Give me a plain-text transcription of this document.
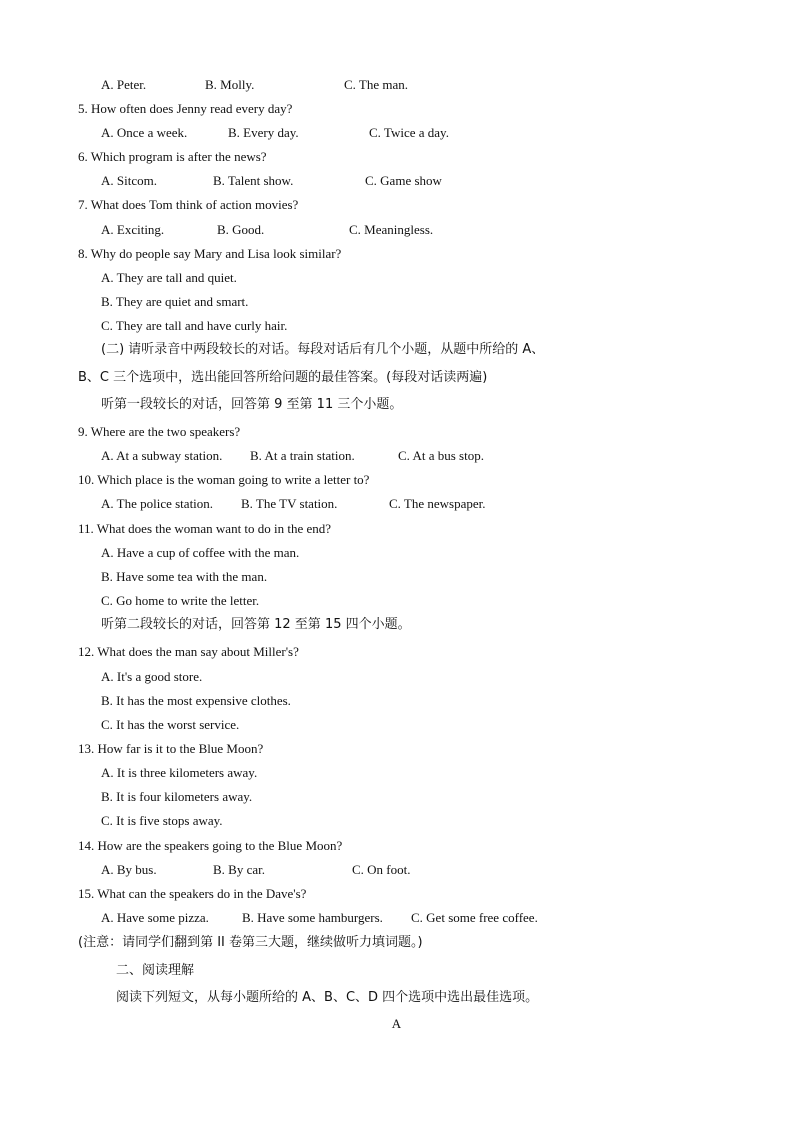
A. Peter.	B. Molly.	C. The man.
5. How often does Jenny read every day?
A. Once a week.	B. Every day.	C. Twice a day.
6. Which program is after the news?
A. Sitcom.	B. Talent show.	C. Game show
7. What does Tom think of action movies?
A. Exciting.	B. Good.	C. Meaningless.
8. Why do people say Mary and Lisa look similar?
A. They are tall and quiet.
B. They are quiet and smart.
C. They are tall and have curly hair.
(二) 请听录音中两段较长的对话。每段对话后有几个小题，从题中所给的 A、
B、C 三个选项中，选出能回答所给问题的最佳答案。(每段对话读两遍)
听第一段较长的对话，回答第 9 至第 11 三个小题。
9. Where are the two speakers?
A. At a subway station. B. At a train station.	C. At a bus stop.
10. Which place is the woman going to write a letter to?
A. The police station. B. The TV station.	C. The newspaper.
11. What does the woman want to do in the end?
A. Have a cup of coffee with the man.
B. Have some tea with the man.
C. Go home to write the letter.
听第二段较长的对话，回答第 12 至第 15 四个小题。
12. What does the man say about Miller's?
A. It's a good store.
B. It has the most expensive clothes.
C. It has the worst service.
13. How far is it to the Blue Moon?
A. It is three kilometers away.
B. It is four kilometers away.
C. It is five stops away.
14. How are the speakers going to the Blue Moon?
A. By bus.	B. By car.	C. On foot.
15. What can the speakers do in the Dave's?
A. Have some pizza.	B. Have some hamburgers. C. Get some free coffee.
(注意：请同学们翻到第 II 卷第三大题，继续做听力填词题。)
二、阅读理解
阅读下列短文，从每小题所给的 A、B、C、D 四个选项中选出最佳选项。
A
